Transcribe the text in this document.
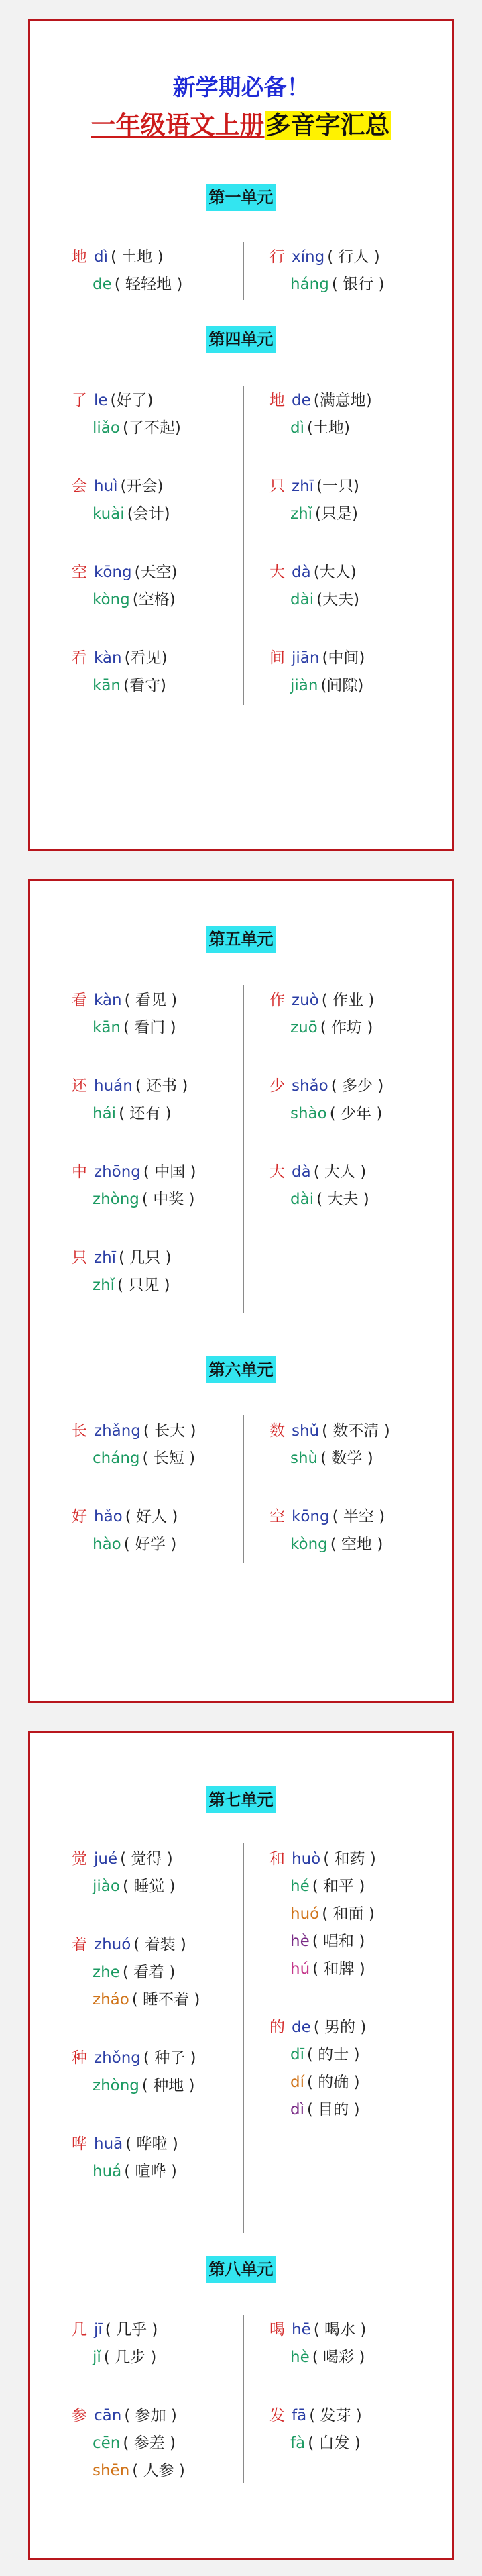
新学期必备！
一年级语文上册多音字汇总
第一单元
地 dì ( 土地 )
de ( 轻轻地 )
行 xíng ( 行人 )
háng ( 银行 )
第四单元
了 le (好了)
liǎo (了不起)
会 huì (开会)
kuài (会计)
空 kōng (天空)
kòng (空格)
看 kàn (看见)
kān (看守)
地 de (满意地)
dì (土地)
只 zhī (一只)
zhǐ (只是)
大 dà (大人)
dài (大夫)
间 jiān (中间)
jiàn (间隙)
第五单元
看 kàn ( 看见 )
kān ( 看门 )
还 huán ( 还书 )
hái ( 还有 )
中 zhōng ( 中国 )
zhòng ( 中奖 )
只 zhī ( 几只 )
zhǐ ( 只见 )
作 zuò ( 作业 )
zuō ( 作坊 )
少 shǎo ( 多少 )
shào ( 少年 )
大 dà ( 大人 )
dài ( 大夫 )
第六单元
长 zhǎng ( 长大 )
cháng ( 长短 )
好 hǎo ( 好人 )
hào ( 好学 )
数 shǔ ( 数不清 )
shù ( 数学 )
空 kōng ( 半空 )
kòng ( 空地 )
第七单元
觉 jué ( 觉得 )
jiào ( 睡觉 )
着 zhuó ( 着装 )
zhe ( 看着 )
zháo ( 睡不着 )
种 zhǒng ( 种子 )
zhòng ( 种地 )
哗 huā ( 哗啦 )
huá ( 喧哗 )
和 huò ( 和药 )
hé ( 和平 )
huó ( 和面 )
hè ( 唱和 )
hú ( 和牌 )
的 de ( 男的 )
dī ( 的士 )
dí ( 的确 )
dì ( 目的 )
第八单元
几 jī ( 几乎 )
jǐ ( 几步 )
参 cān ( 参加 )
cēn ( 参差 )
shēn ( 人参 )
喝 hē ( 喝水 )
hè ( 喝彩 )
发 fā ( 发芽 )
fà ( 白发 )
